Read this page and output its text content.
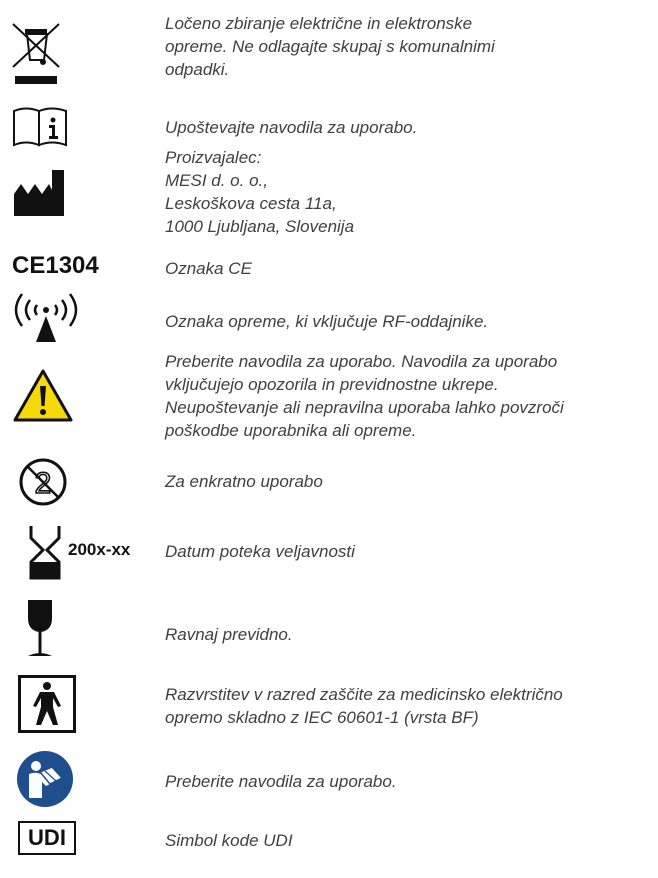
Ločeno zbiranje električne in elektronske
opreme. Ne odlagajte skupaj s komunalnimi
odpadki.
Upoštevajte navodila za uporabo.
Proizvajalec:
MESI d. o. o.,
Leskoškova cesta 11a,
1000 Ljubljana, Slovenija
CE1304	Oznaka CE
Oznaka opreme, ki vključuje RF-oddajnike.
Preberite navodila za uporabo. Navodila za uporabo
vključujejo opozorila in previdnostne ukrepe.
Neupoštevanje ali nepravilna uporaba lahko povzroči
poškodbe uporabnika ali opreme.
2	Za enkratno uporabo
200x-xx Datum poteka veljavnosti
Ravnaj previdno.
Razvrstitev v razred zaščite za medicinsko električno
opremo skladno z IEC 60601-1 (vrsta BF)
Preberite navodila za uporabo.
UDI	Simbol kode UDI
